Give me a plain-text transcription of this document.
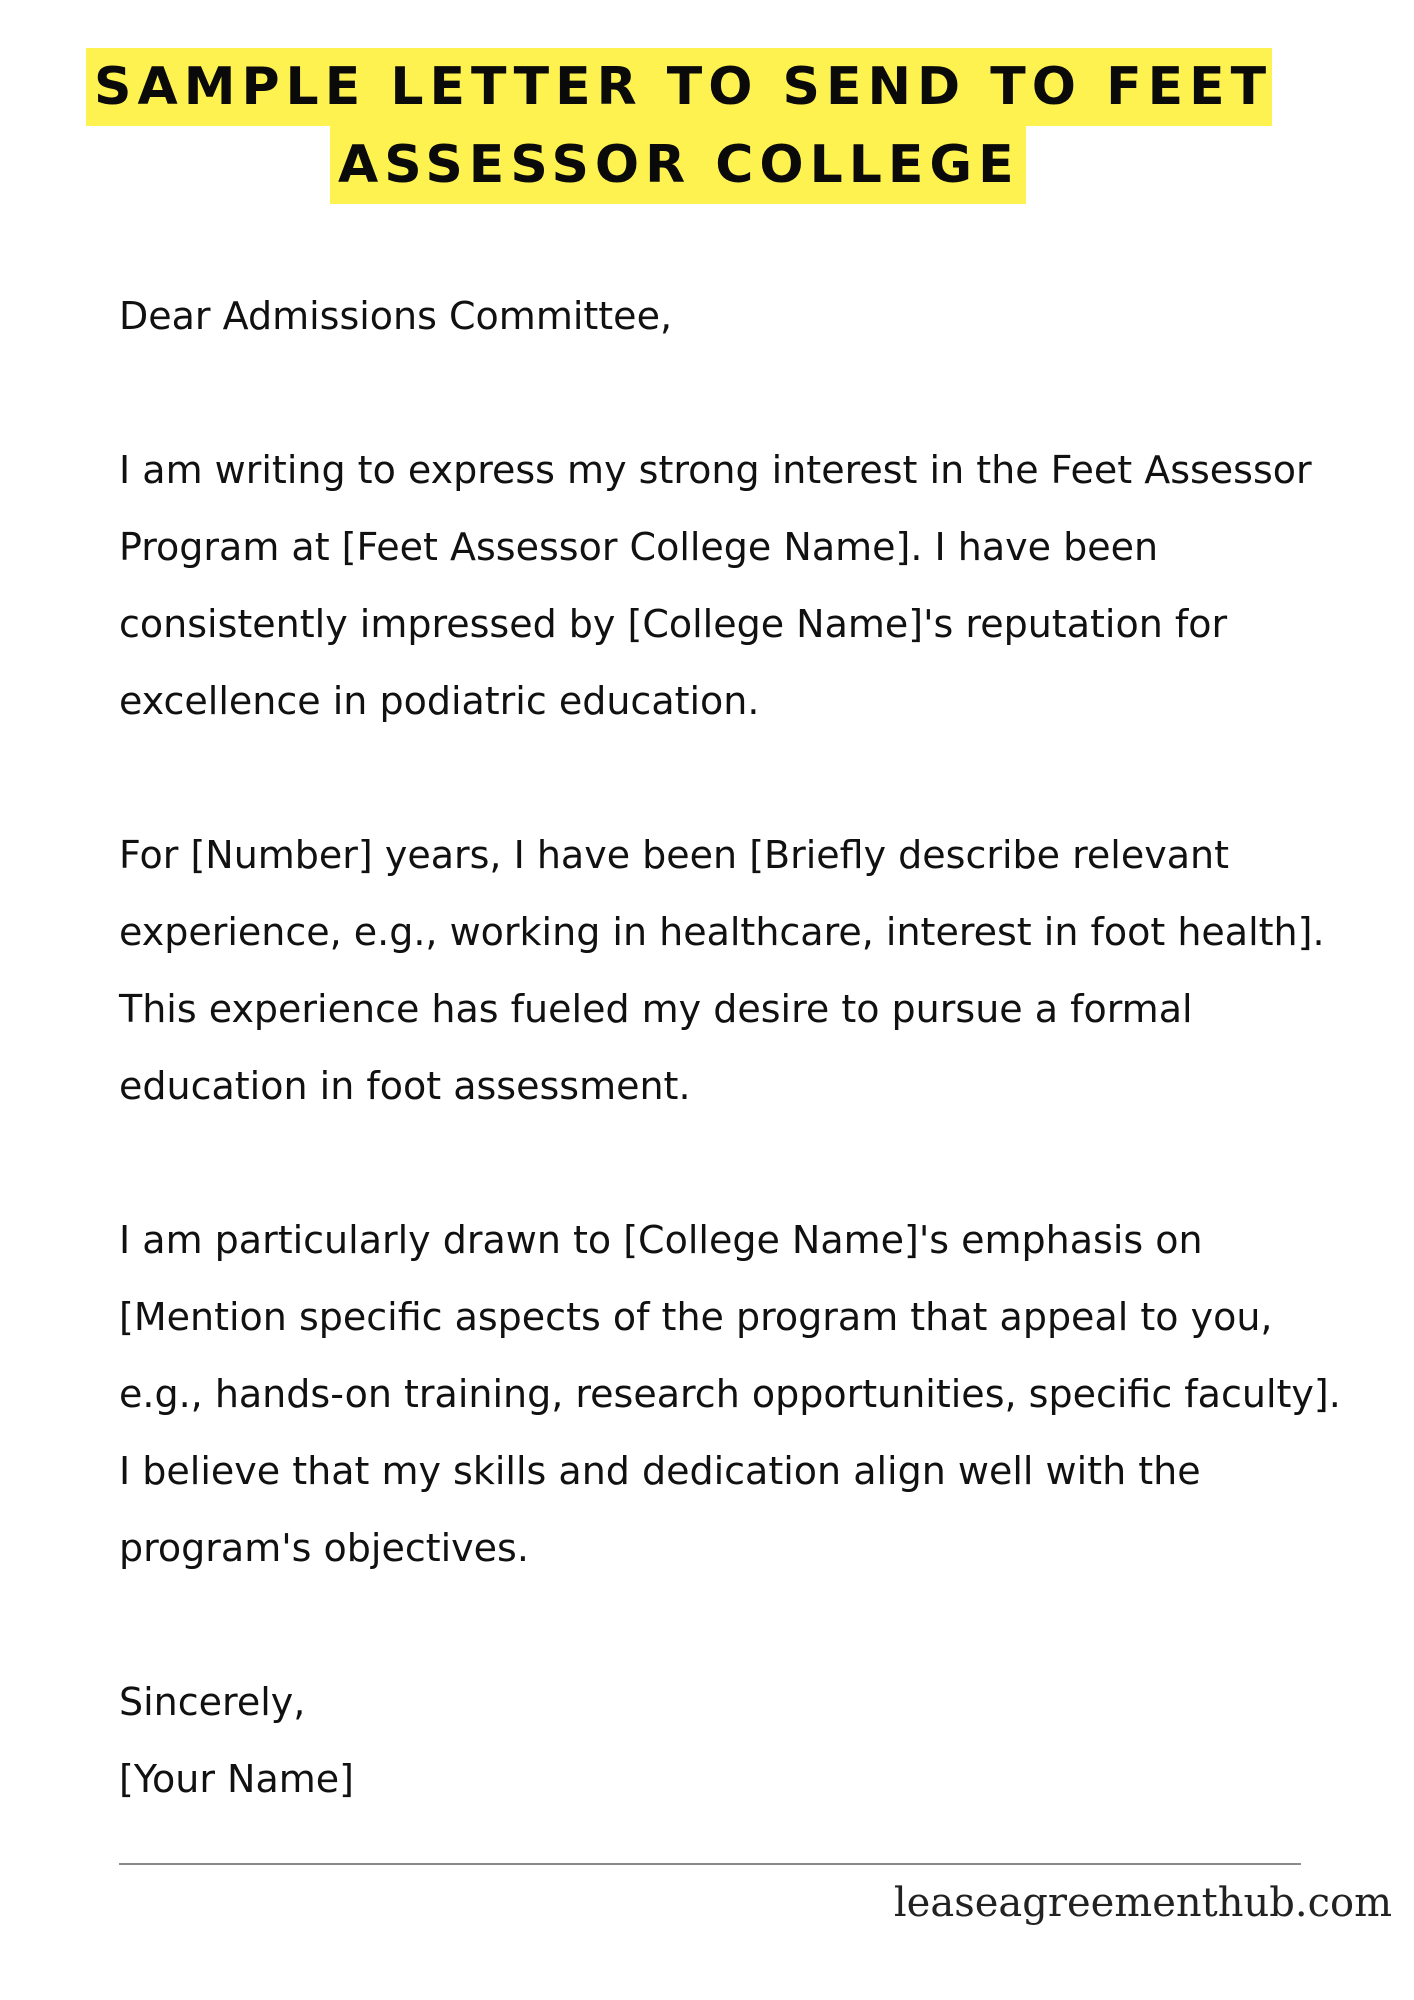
SAMPLE LETTER TO SEND TO FEET
ASSESSOR COLLEGE

Dear Admissions Committee,

I am writing to express my strong interest in the Feet Assessor Program at [Feet Assessor College Name]. I have been consistently impressed by [College Name]'s reputation for excellence in podiatric education.

For [Number] years, I have been [Briefly describe relevant experience, e.g., working in healthcare, interest in foot health]. This experience has fueled my desire to pursue a formal education in foot assessment.

I am particularly drawn to [College Name]'s emphasis on [Mention specific aspects of the program that appeal to you, e.g., hands-on training, research opportunities, specific faculty]. I believe that my skills and dedication align well with the program's objectives.

Sincerely,
[Your Name]

leaseagreementhub.com
